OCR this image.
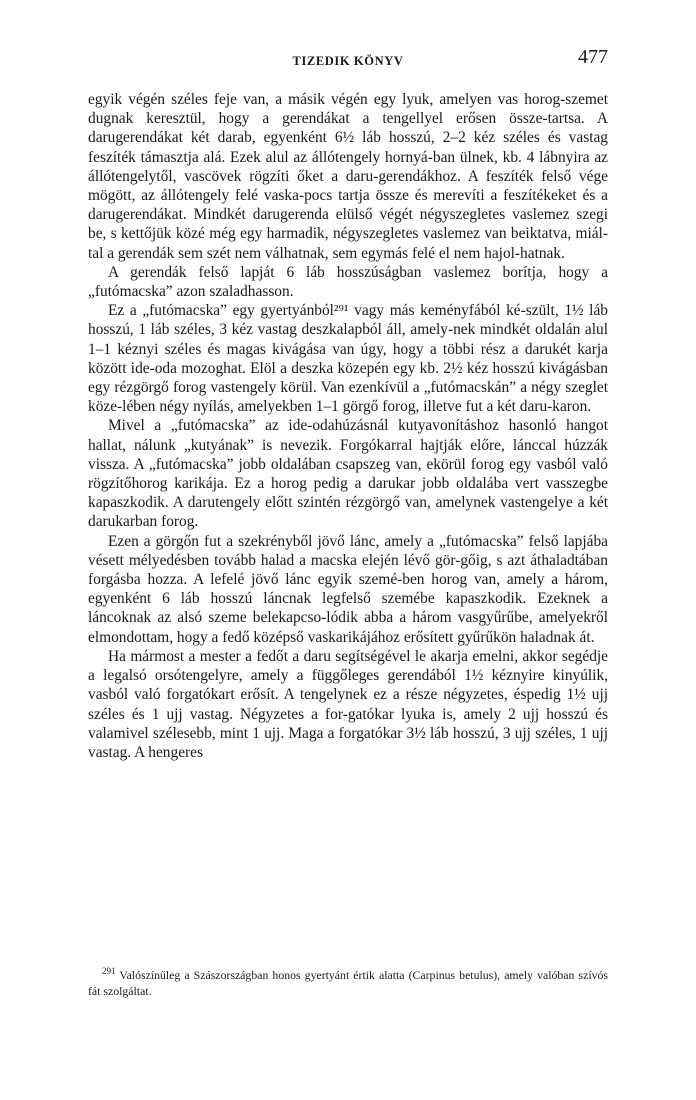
TIZEDIK KÖNYV	477

egyik végén széles feje van, a másik végén egy lyuk, amelyen vas horog-szemet dugnak keresztül, hogy a gerendákat a tengellyel erősen össze-tartsa. A darugerendákat két darab, egyenként 6½ láb hosszú, 2–2 kéz széles és vastag feszíték támasztja alá. Ezek alul az állótengely hornyá-ban ülnek, kb. 4 lábnyira az állótengelytől, vascövek rögzíti őket a daru-gerendákhoz. A feszíték felső vége mögött, az állótengely felé vaska-pocs tartja össze és merevíti a feszítékeket és a darugerendákat. Mindkét darugerenda elülső végét négyszegletes vaslemez szegi be, s kettőjük közé még egy harmadik, négyszegletes vaslemez van beiktatva, miál-tal a gerendák sem szét nem válhatnak, sem egymás felé el nem hajol-hatnak.

A gerendák felső lapját 6 láb hosszúságban vaslemez borítja, hogy a „futómacska” azon szaladhasson.

Ez a „futómacska” egy gyertyánból²⁹¹ vagy más keményfából ké-szült, 1½ láb hosszú, 1 láb széles, 3 kéz vastag deszkalapból áll, amely-nek mindkét oldalán alul 1–1 kéznyi széles és magas kivágása van úgy, hogy a többi rész a darukét karja között ide-oda mozoghat. Elöl a deszka közepén egy kb. 2½ kéz hosszú kivágásban egy rézgörgő forog vastengely körül. Van ezenkívül a „futómacskán” a négy szeglet köze-lében négy nyílás, amelyekben 1–1 görgő forog, illetve fut a két daru-karon.

Mivel a „futómacska” az ide-odahúzásnál kutyavonításhoz hasonló hangot hallat, nálunk „kutyának” is nevezik. Forgókarral hajtják előre, lánccal húzzák vissza. A „futómacska” jobb oldalában csapszeg van, ekörül forog egy vasból való rögzítőhorog karikája. Ez a horog pedig a darukar jobb oldalába vert vasszegbe kapaszkodik. A darutengely előtt szintén rézgörgő van, amelynek vastengelye a két darukarban forog.

Ezen a görgőn fut a szekrényből jövő lánc, amely a „futómacska” felső lapjába vésett mélyedésben tovább halad a macska elején lévő gör-gőig, s azt áthaladtában forgásba hozza. A lefelé jövő lánc egyik szemé-ben horog van, amely a három, egyenként 6 láb hosszú láncnak legfelső szemébe kapaszkodik. Ezeknek a láncoknak az alsó szeme belekapcso-lódik abba a három vasgyűrűbe, amelyekről elmondottam, hogy a fedő középső vaskarikájához erősített gyűrűkön haladnak át.

Ha mármost a mester a fedőt a daru segítségével le akarja emelni, akkor segédje a legalsó orsótengelyre, amely a függőleges gerendából 1½ kéznyire kinyúlik, vasból való forgatókart erősít. A tengelynek ez a része négyzetes, éspedig 1½ ujj széles és 1 ujj vastag. Négyzetes a for-gatókar lyuka is, amely 2 ujj hosszú és valamivel szélesebb, mint 1 ujj. Maga a forgatókar 3½ láb hosszú, 3 ujj széles, 1 ujj vastag. A hengeres

$^{291}$ Valószínűleg a Szászországban honos gyertyánt értik alatta (Carpinus betulus), amely valóban szívós fát szolgáltat.
